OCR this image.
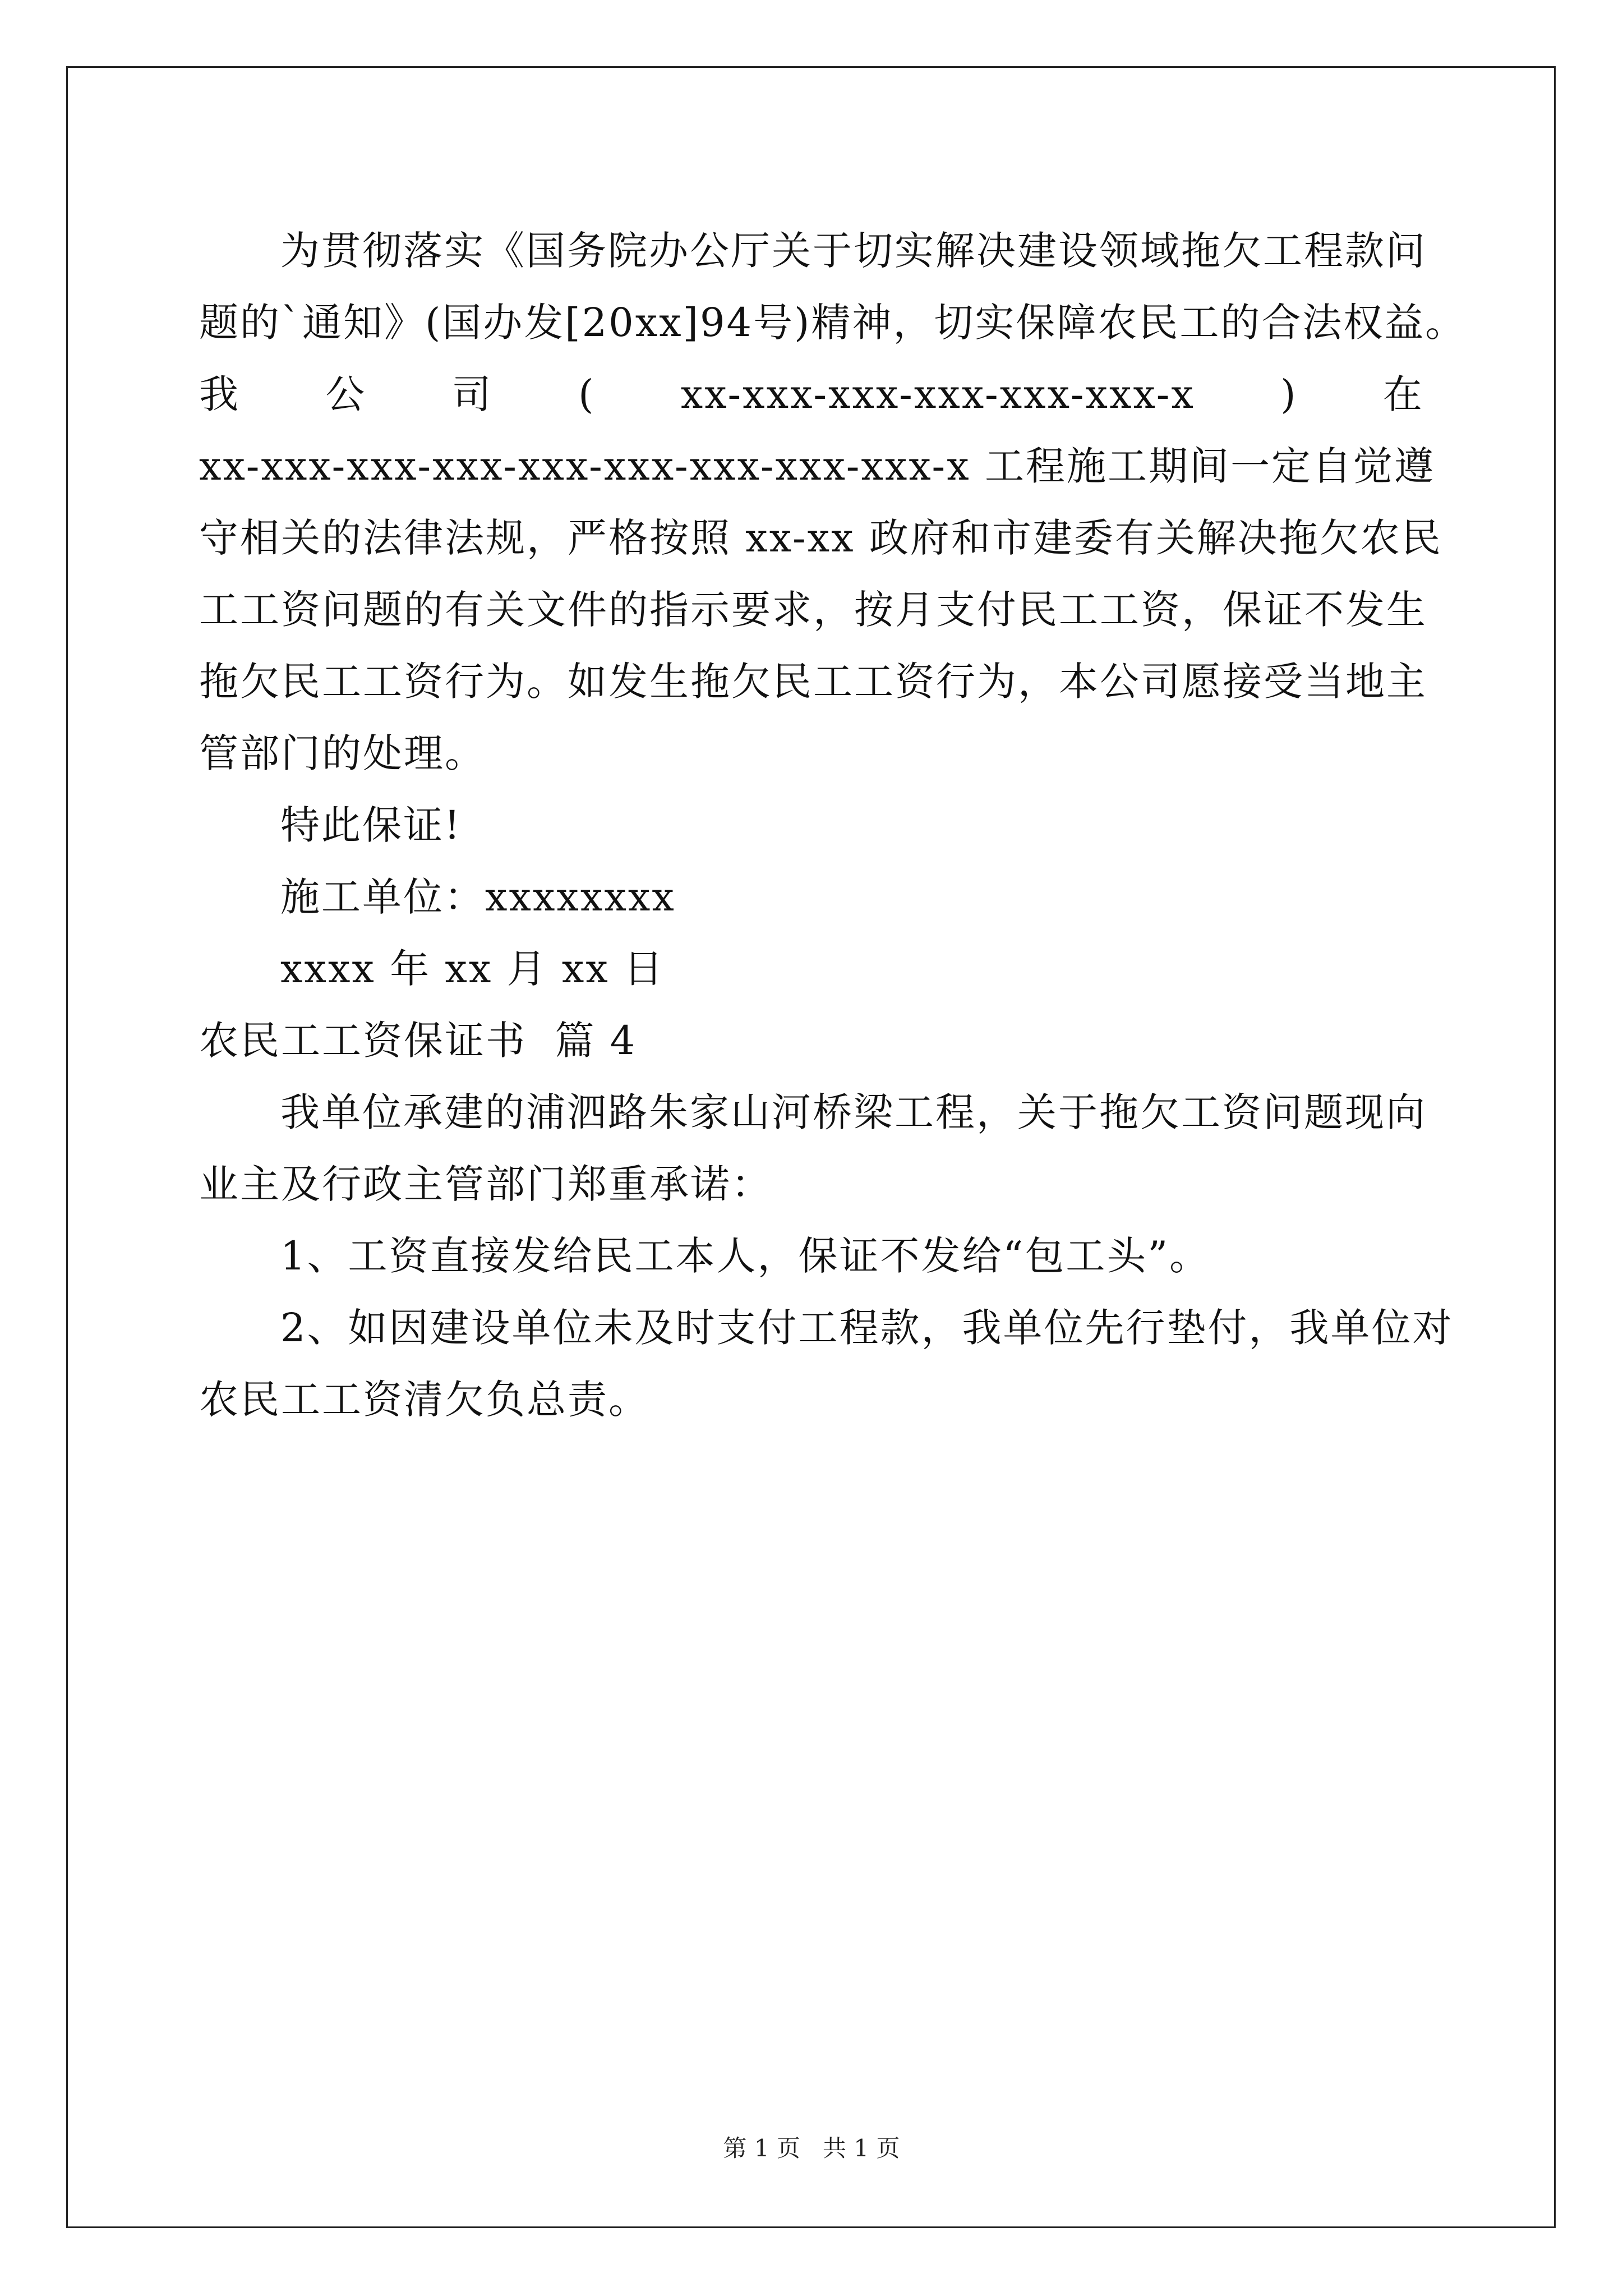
为贯彻落实《国务院办公厅关于切实解决建设领域拖欠工程款问
题的`通知》(国办发[20xx]94号)精神，切实保障农民工的合法权益。
我 公 司 ( xx-xxx-xxx-xxx-xxx-xxx-x ) 在
xx-xxx-xxx-xxx-xxx-xxx-xxx-xxx-xxx-x 工程施工期间一定自觉遵
守相关的法律法规，严格按照 xx-xx 政府和市建委有关解决拖欠农民
工工资问题的有关文件的指示要求，按月支付民工工资，保证不发生
拖欠民工工资行为。如发生拖欠民工工资行为，本公司愿接受当地主
管部门的处理。
特此保证!
施工单位：xxxxxxxx
xxxx 年 xx 月 xx 日
农民工工资保证书  篇 4
我单位承建的浦泗路朱家山河桥梁工程，关于拖欠工资问题现向
业主及行政主管部门郑重承诺：
1、工资直接发给民工本人，保证不发给“包工头”。
2、如因建设单位未及时支付工程款，我单位先行垫付，我单位对
农民工工资清欠负总责。
第 1 页   共 1 页
